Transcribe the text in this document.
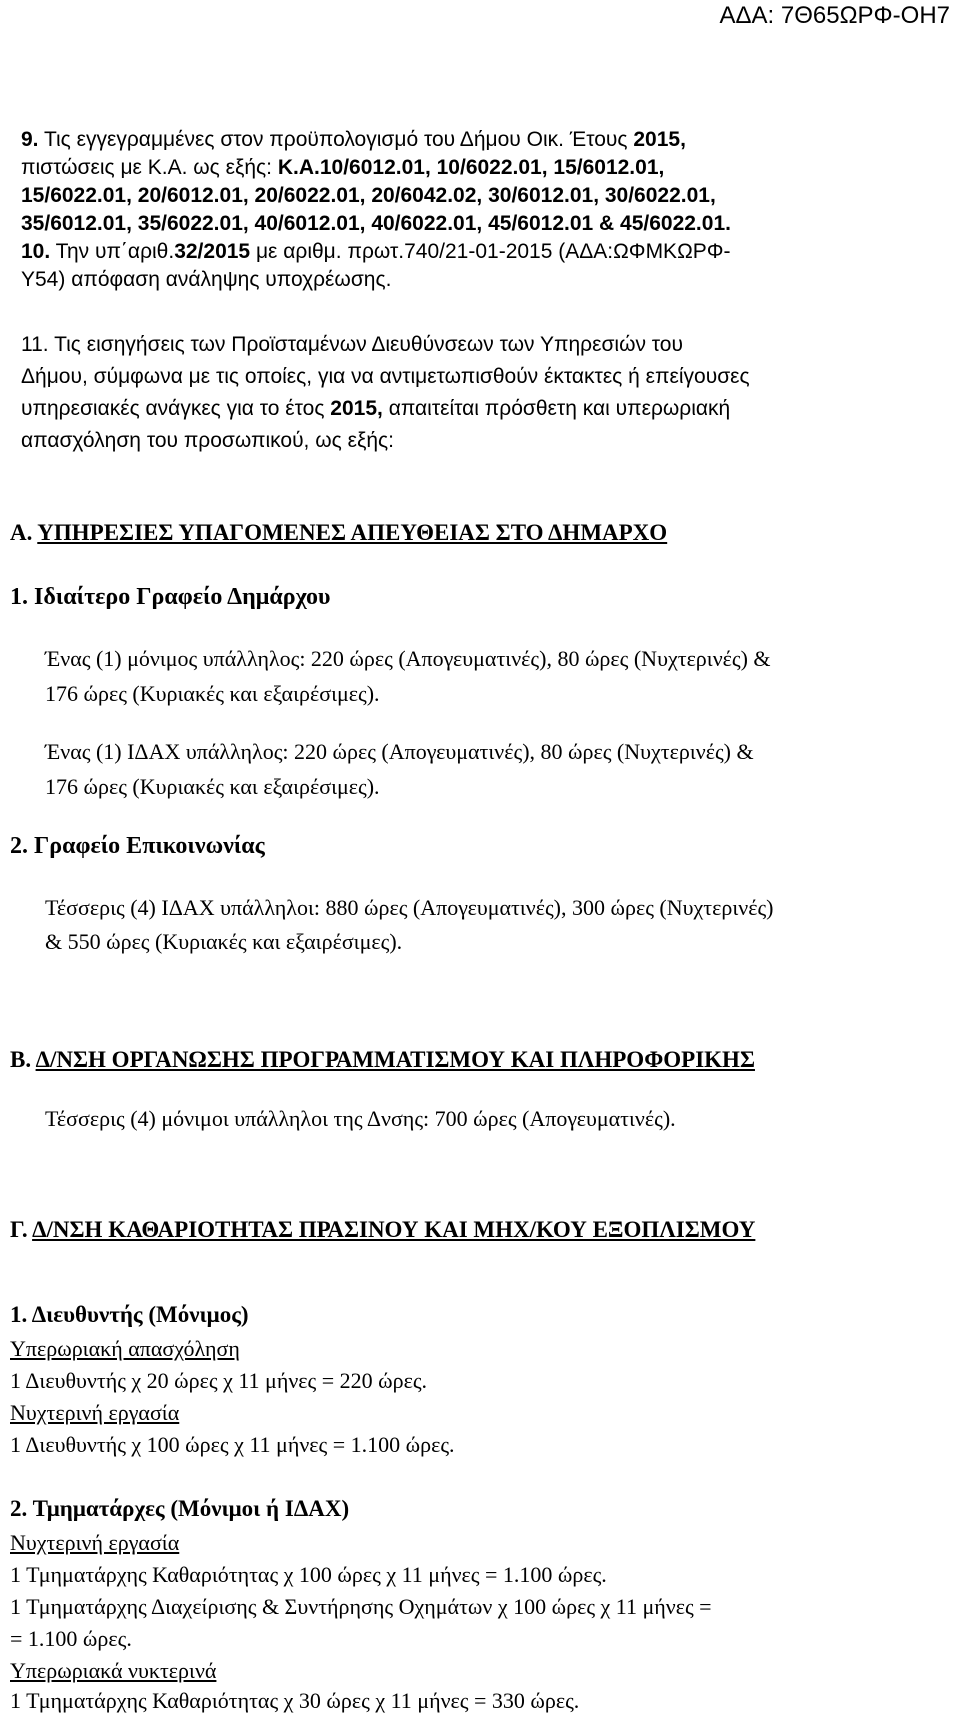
ΑΔΑ: 7Θ65ΩΡΦ-ΟΗ7
9. Τις εγγεγραμμένες στον προϋπολογισμό του Δήμου Οικ. Έτους 2015,
πιστώσεις με Κ.Α. ως εξής: Κ.Α.10/6012.01, 10/6022.01, 15/6012.01,
15/6022.01, 20/6012.01, 20/6022.01, 20/6042.02, 30/6012.01, 30/6022.01,
35/6012.01, 35/6022.01, 40/6012.01, 40/6022.01, 45/6012.01 & 45/6022.01.
10. Την υπ΄αριθ.32/2015 με αριθμ. πρωτ.740/21-01-2015 (ΑΔΑ:ΩΦΜΚΩΡΦ-
Υ54) απόφαση ανάληψης υποχρέωσης.
11. Τις εισηγήσεις των Προϊσταμένων Διευθύνσεων των Υπηρεσιών του
Δήμου, σύμφωνα με τις οποίες, για να αντιμετωπισθούν έκτακτες ή επείγουσες
υπηρεσιακές ανάγκες για το έτος 2015, απαιτείται πρόσθετη και υπερωριακή
απασχόληση του προσωπικού, ως εξής:
Α. ΥΠΗΡΕΣΙΕΣ ΥΠΑΓΟΜΕΝΕΣ ΑΠΕΥΘΕΙΑΣ ΣΤΟ ΔΗΜΑΡΧΟ
1. Ιδιαίτερο Γραφείο Δημάρχου
Ένας (1) μόνιμος υπάλληλος: 220 ώρες (Απογευματινές), 80 ώρες (Νυχτερινές) &
176 ώρες (Κυριακές και εξαιρέσιμες).
Ένας (1) ΙΔΑΧ υπάλληλος: 220 ώρες (Απογευματινές), 80 ώρες (Νυχτερινές) &
176 ώρες (Κυριακές και εξαιρέσιμες).
2. Γραφείο Επικοινωνίας
Τέσσερις (4) ΙΔΑΧ υπάλληλοι: 880 ώρες (Απογευματινές), 300 ώρες (Νυχτερινές)
& 550 ώρες (Κυριακές και εξαιρέσιμες).
Β. Δ/ΝΣΗ ΟΡΓΑΝΩΣΗΣ ΠΡΟΓΡΑΜΜΑΤΙΣΜΟΥ ΚΑΙ ΠΛΗΡΟΦΟΡΙΚΗΣ
Τέσσερις (4) μόνιμοι υπάλληλοι της Δνσης: 700 ώρες (Απογευματινές).
Γ. Δ/ΝΣΗ ΚΑΘΑΡΙΟΤΗΤΑΣ ΠΡΑΣΙΝΟΥ ΚΑΙ ΜΗΧ/ΚΟΥ ΕΞΟΠΛΙΣΜΟΥ
1. Διευθυντής (Μόνιμος)
Υπερωριακή απασχόληση
1 Διευθυντής χ 20 ώρες χ 11 μήνες = 220 ώρες.
Νυχτερινή εργασία
1 Διευθυντής χ 100 ώρες χ 11 μήνες = 1.100 ώρες.
2. Τμηματάρχες (Μόνιμοι ή ΙΔΑΧ)
Νυχτερινή εργασία
1 Τμηματάρχης Καθαριότητας χ 100 ώρες χ 11 μήνες = 1.100 ώρες.
1 Τμηματάρχης Διαχείρισης & Συντήρησης Οχημάτων χ 100 ώρες χ 11 μήνες =
= 1.100 ώρες.
Υπερωριακά νυκτερινά
1 Τμηματάρχης Καθαριότητας χ 30 ώρες χ 11 μήνες = 330 ώρες.
